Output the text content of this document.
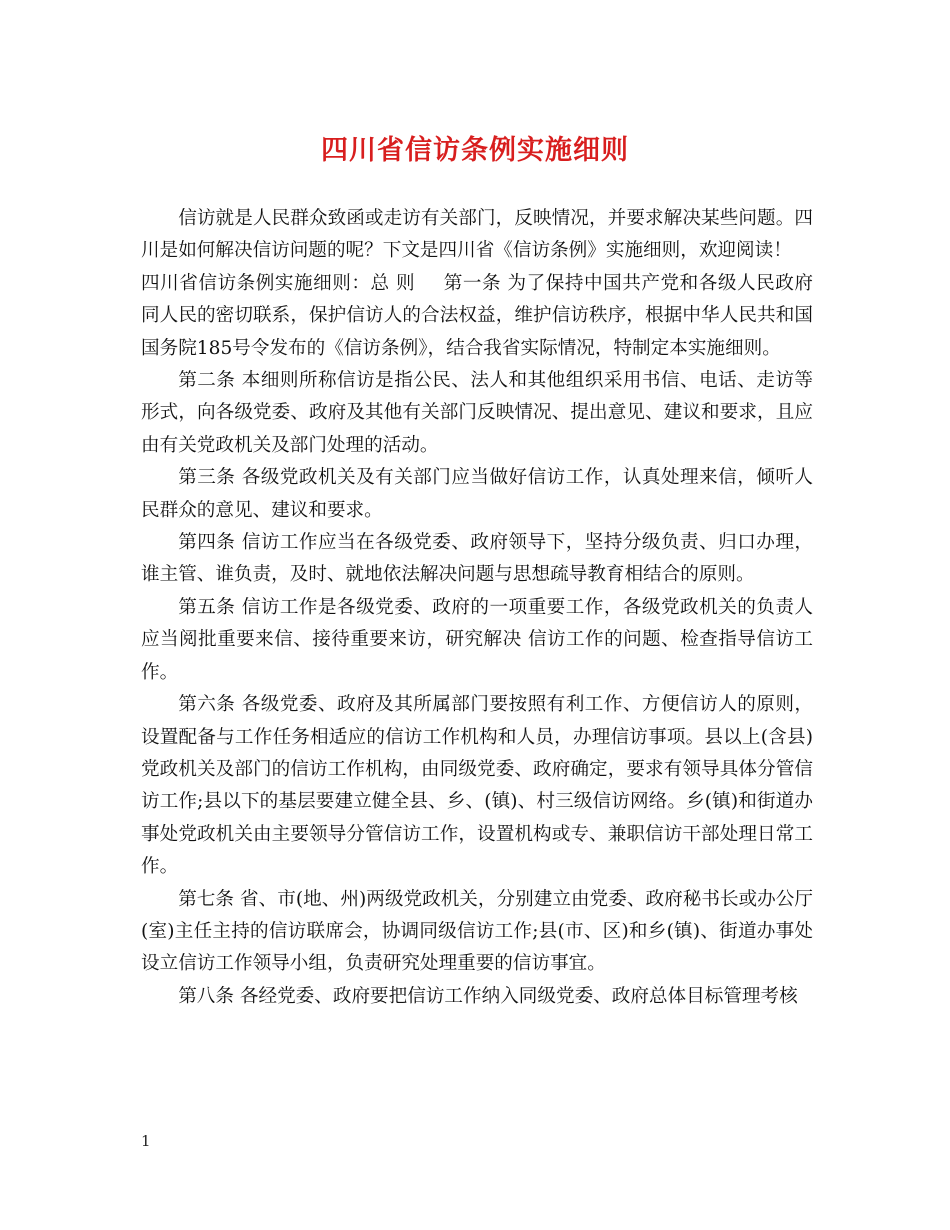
四川省信访条例实施细则

信访就是人民群众致函或走访有关部门，反映情况，并要求解决某些问题。四川是如何解决信访问题的呢？下文是四川省《信访条例》实施细则，欢迎阅读！

四川省信访条例实施细则：总 则 第一条 为了保持中国共产党和各级人民政府同人民的密切联系，保护信访人的合法权益，维护信访秩序，根据中华人民共和国国务院185号令发布的《信访条例》，结合我省实际情况，特制定本实施细则。

第二条 本细则所称信访是指公民、法人和其他组织采用书信、电话、走访等形式，向各级党委、政府及其他有关部门反映情况、提出意见、建议和要求，且应由有关党政机关及部门处理的活动。

第三条 各级党政机关及有关部门应当做好信访工作，认真处理来信，倾听人民群众的意见、建议和要求。

第四条 信访工作应当在各级党委、政府领导下，坚持分级负责、归口办理，谁主管、谁负责，及时、就地依法解决问题与思想疏导教育相结合的原则。

第五条 信访工作是各级党委、政府的一项重要工作，各级党政机关的负责人应当阅批重要来信、接待重要来访，研究解决 信访工作的问题、检查指导信访工作。

第六条 各级党委、政府及其所属部门要按照有利工作、方便信访人的原则，设置配备与工作任务相适应的信访工作机构和人员，办理信访事项。县以上(含县)党政机关及部门的信访工作机构，由同级党委、政府确定，要求有领导具体分管信访工作;县以下的基层要建立健全县、乡、(镇)、村三级信访网络。乡(镇)和街道办事处党政机关由主要领导分管信访工作，设置机构或专、兼职信访干部处理日常工作。

第七条 省、市(地、州)两级党政机关，分别建立由党委、政府秘书长或办公厅(室)主任主持的信访联席会，协调同级信访工作;县(市、区)和乡(镇)、街道办事处设立信访工作领导小组，负责研究处理重要的信访事宜。

第八条 各经党委、政府要把信访工作纳入同级党委、政府总体目标管理考核

1
